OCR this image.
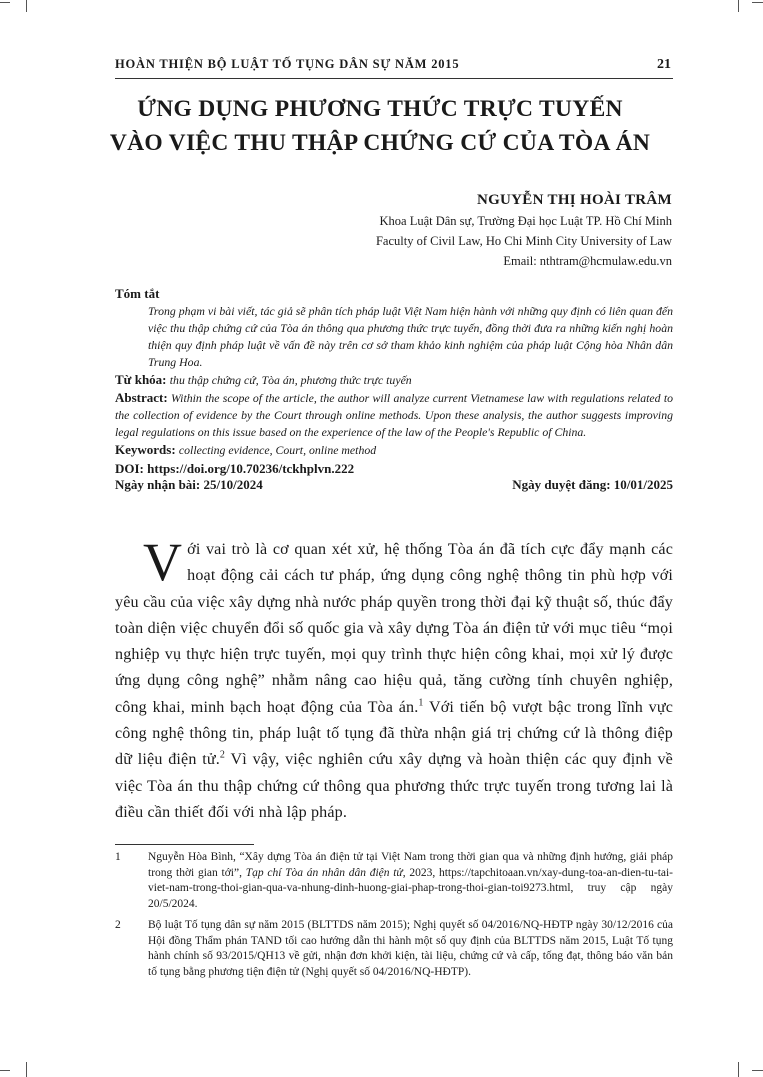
HOÀN THIỆN BỘ LUẬT TỐ TỤNG DÂN SỰ NĂM 2015	21
ỨNG DỤNG PHƯƠNG THỨC TRỰC TUYẾN
VÀO VIỆC THU THẬP CHỨNG CỨ CỦA TÒA ÁN
NGUYỄN THỊ HOÀI TRÂM
Khoa Luật Dân sự, Trường Đại học Luật TP. Hồ Chí Minh
Faculty of Civil Law, Ho Chi Minh City University of Law
Email: nthtram@hcmulaw.edu.vn
Tóm tắt
Trong phạm vi bài viết, tác giả sẽ phân tích pháp luật Việt Nam hiện hành với những quy định có liên quan đến việc thu thập chứng cứ của Tòa án thông qua phương thức trực tuyến, đồng thời đưa ra những kiến nghị hoàn thiện quy định pháp luật về vấn đề này trên cơ sở tham khảo kinh nghiệm của pháp luật Cộng hòa Nhân dân Trung Hoa.
Từ khóa: thu thập chứng cứ, Tòa án, phương thức trực tuyến
Abstract: Within the scope of the article, the author will analyze current Vietnamese law with regulations related to the collection of evidence by the Court through online methods. Upon these analysis, the author suggests improving legal regulations on this issue based on the experience of the law of the People's Republic of China.
Keywords: collecting evidence, Court, online method
DOI: https://doi.org/10.70236/tckhplvn.222
Ngày nhận bài: 25/10/2024	Ngày duyệt đăng: 10/01/2025
Với vai trò là cơ quan xét xử, hệ thống Tòa án đã tích cực đẩy mạnh các hoạt động cải cách tư pháp, ứng dụng công nghệ thông tin phù hợp với yêu cầu của việc xây dựng nhà nước pháp quyền trong thời đại kỹ thuật số, thúc đẩy toàn diện việc chuyển đổi số quốc gia và xây dựng Tòa án điện tử với mục tiêu “mọi nghiệp vụ thực hiện trực tuyến, mọi quy trình thực hiện công khai, mọi xử lý được ứng dụng công nghệ” nhằm nâng cao hiệu quả, tăng cường tính chuyên nghiệp, công khai, minh bạch hoạt động của Tòa án.$^1$ Với tiến bộ vượt bậc trong lĩnh vực công nghệ thông tin, pháp luật tố tụng đã thừa nhận giá trị chứng cứ là thông điệp dữ liệu điện tử.$^2$ Vì vậy, việc nghiên cứu xây dựng và hoàn thiện các quy định về việc Tòa án thu thập chứng cứ thông qua phương thức trực tuyến trong tương lai là điều cần thiết đối với nhà lập pháp.
1	Nguyễn Hòa Bình, “Xây dựng Tòa án điện tử tại Việt Nam trong thời gian qua và những định hướng, giải pháp trong thời gian tới”, Tạp chí Tòa án nhân dân điện tử, 2023, https://tapchitoaan.vn/xay-dung-toa-an-dien-tu-tai-viet-nam-trong-thoi-gian-qua-va-nhung-dinh-huong-giai-phap-trong-thoi-gian-toi9273.html, truy cập ngày 20/5/2024.
2	Bộ luật Tố tụng dân sự năm 2015 (BLTTDS năm 2015); Nghị quyết số 04/2016/NQ-HĐTP ngày 30/12/2016 của Hội đồng Thẩm phán TAND tối cao hướng dẫn thi hành một số quy định của BLTTDS năm 2015, Luật Tố tụng hành chính số 93/2015/QH13 về gửi, nhận đơn khởi kiện, tài liệu, chứng cứ và cấp, tống đạt, thông báo văn bản tố tụng bằng phương tiện điện tử (Nghị quyết số 04/2016/NQ-HĐTP).
